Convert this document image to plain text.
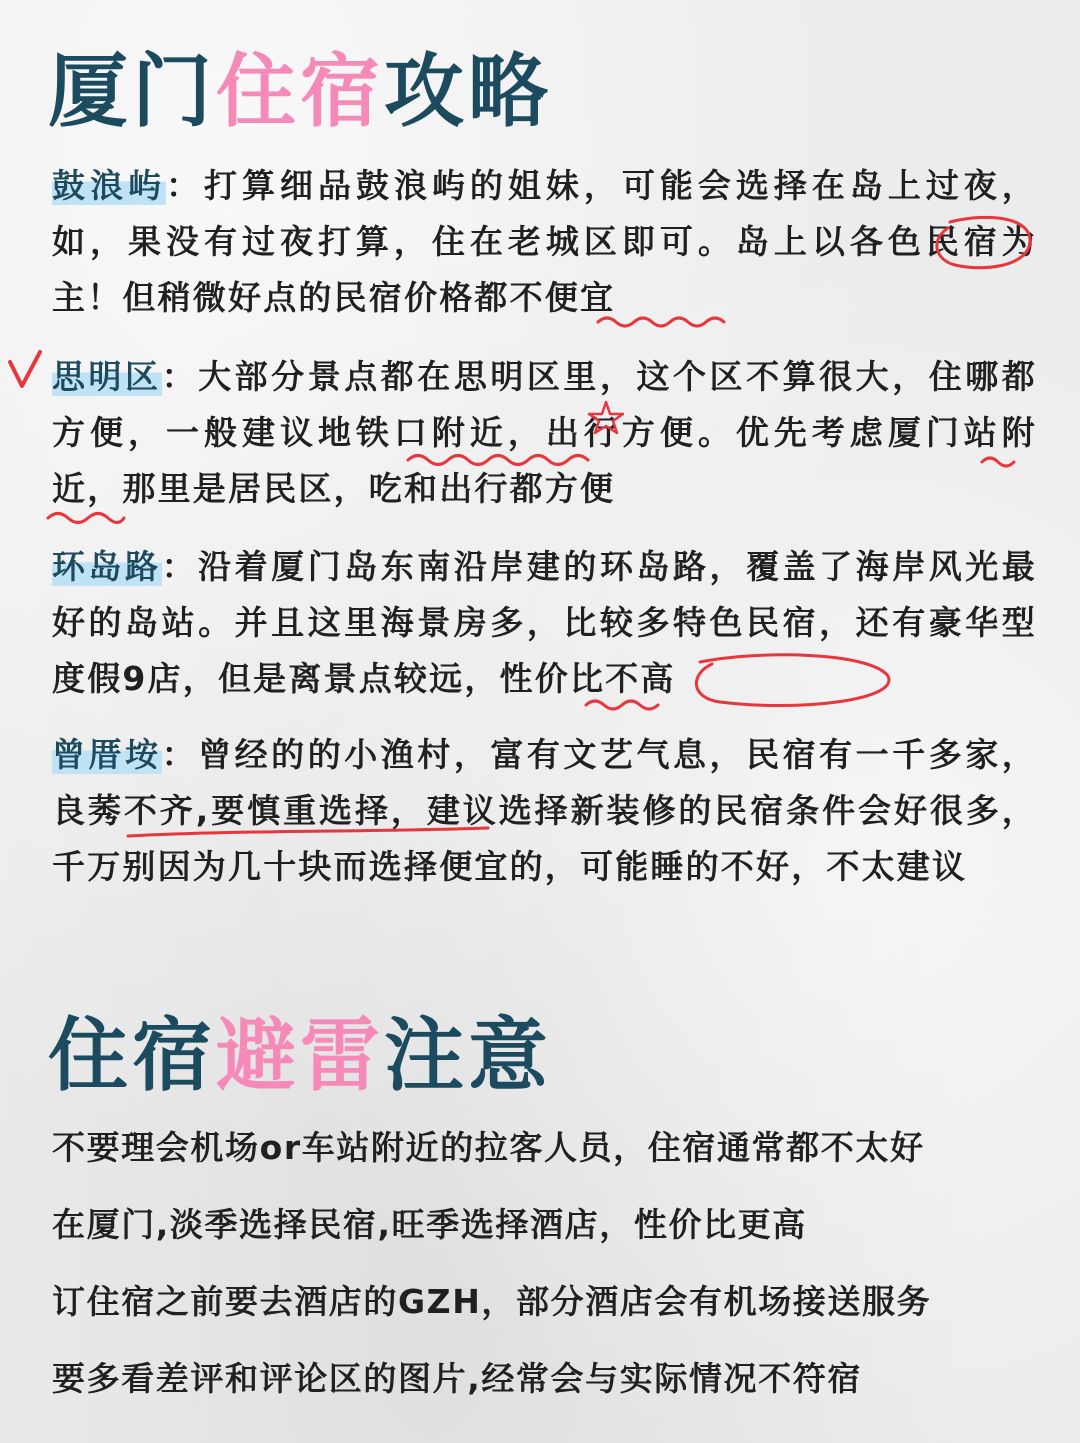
厦门住宿攻略

鼓浪屿：打算细品鼓浪屿的姐妹，可能会选择在岛上过夜，如，果没有过夜打算，住在老城区即可。岛上以各色民宿为主！但稍微好点的民宿价格都不便宜

思明区：大部分景点都在思明区里，这个区不算很大，住哪都方便，一般建议地铁口附近，出行方便。优先考虑厦门站附近，那里是居民区，吃和出行都方便

环岛路：沿着厦门岛东南沿岸建的环岛路，覆盖了海岸风光最好的岛站。并且这里海景房多，比较多特色民宿，还有豪华型度假9店，但是离景点较远，性价比不高

曾厝垵：曾经的的小渔村，富有文艺气息，民宿有一千多家，良莠不齐,要慎重选择，建议选择新装修的民宿条件会好很多，千万别因为几十块而选择便宜的，可能睡的不好，不太建议

住宿避雷注意

不要理会机场or车站附近的拉客人员，住宿通常都不太好

在厦门,淡季选择民宿,旺季选择酒店，性价比更高

订住宿之前要去酒店的GZH，部分酒店会有机场接送服务

要多看差评和评论区的图片,经常会与实际情况不符宿
